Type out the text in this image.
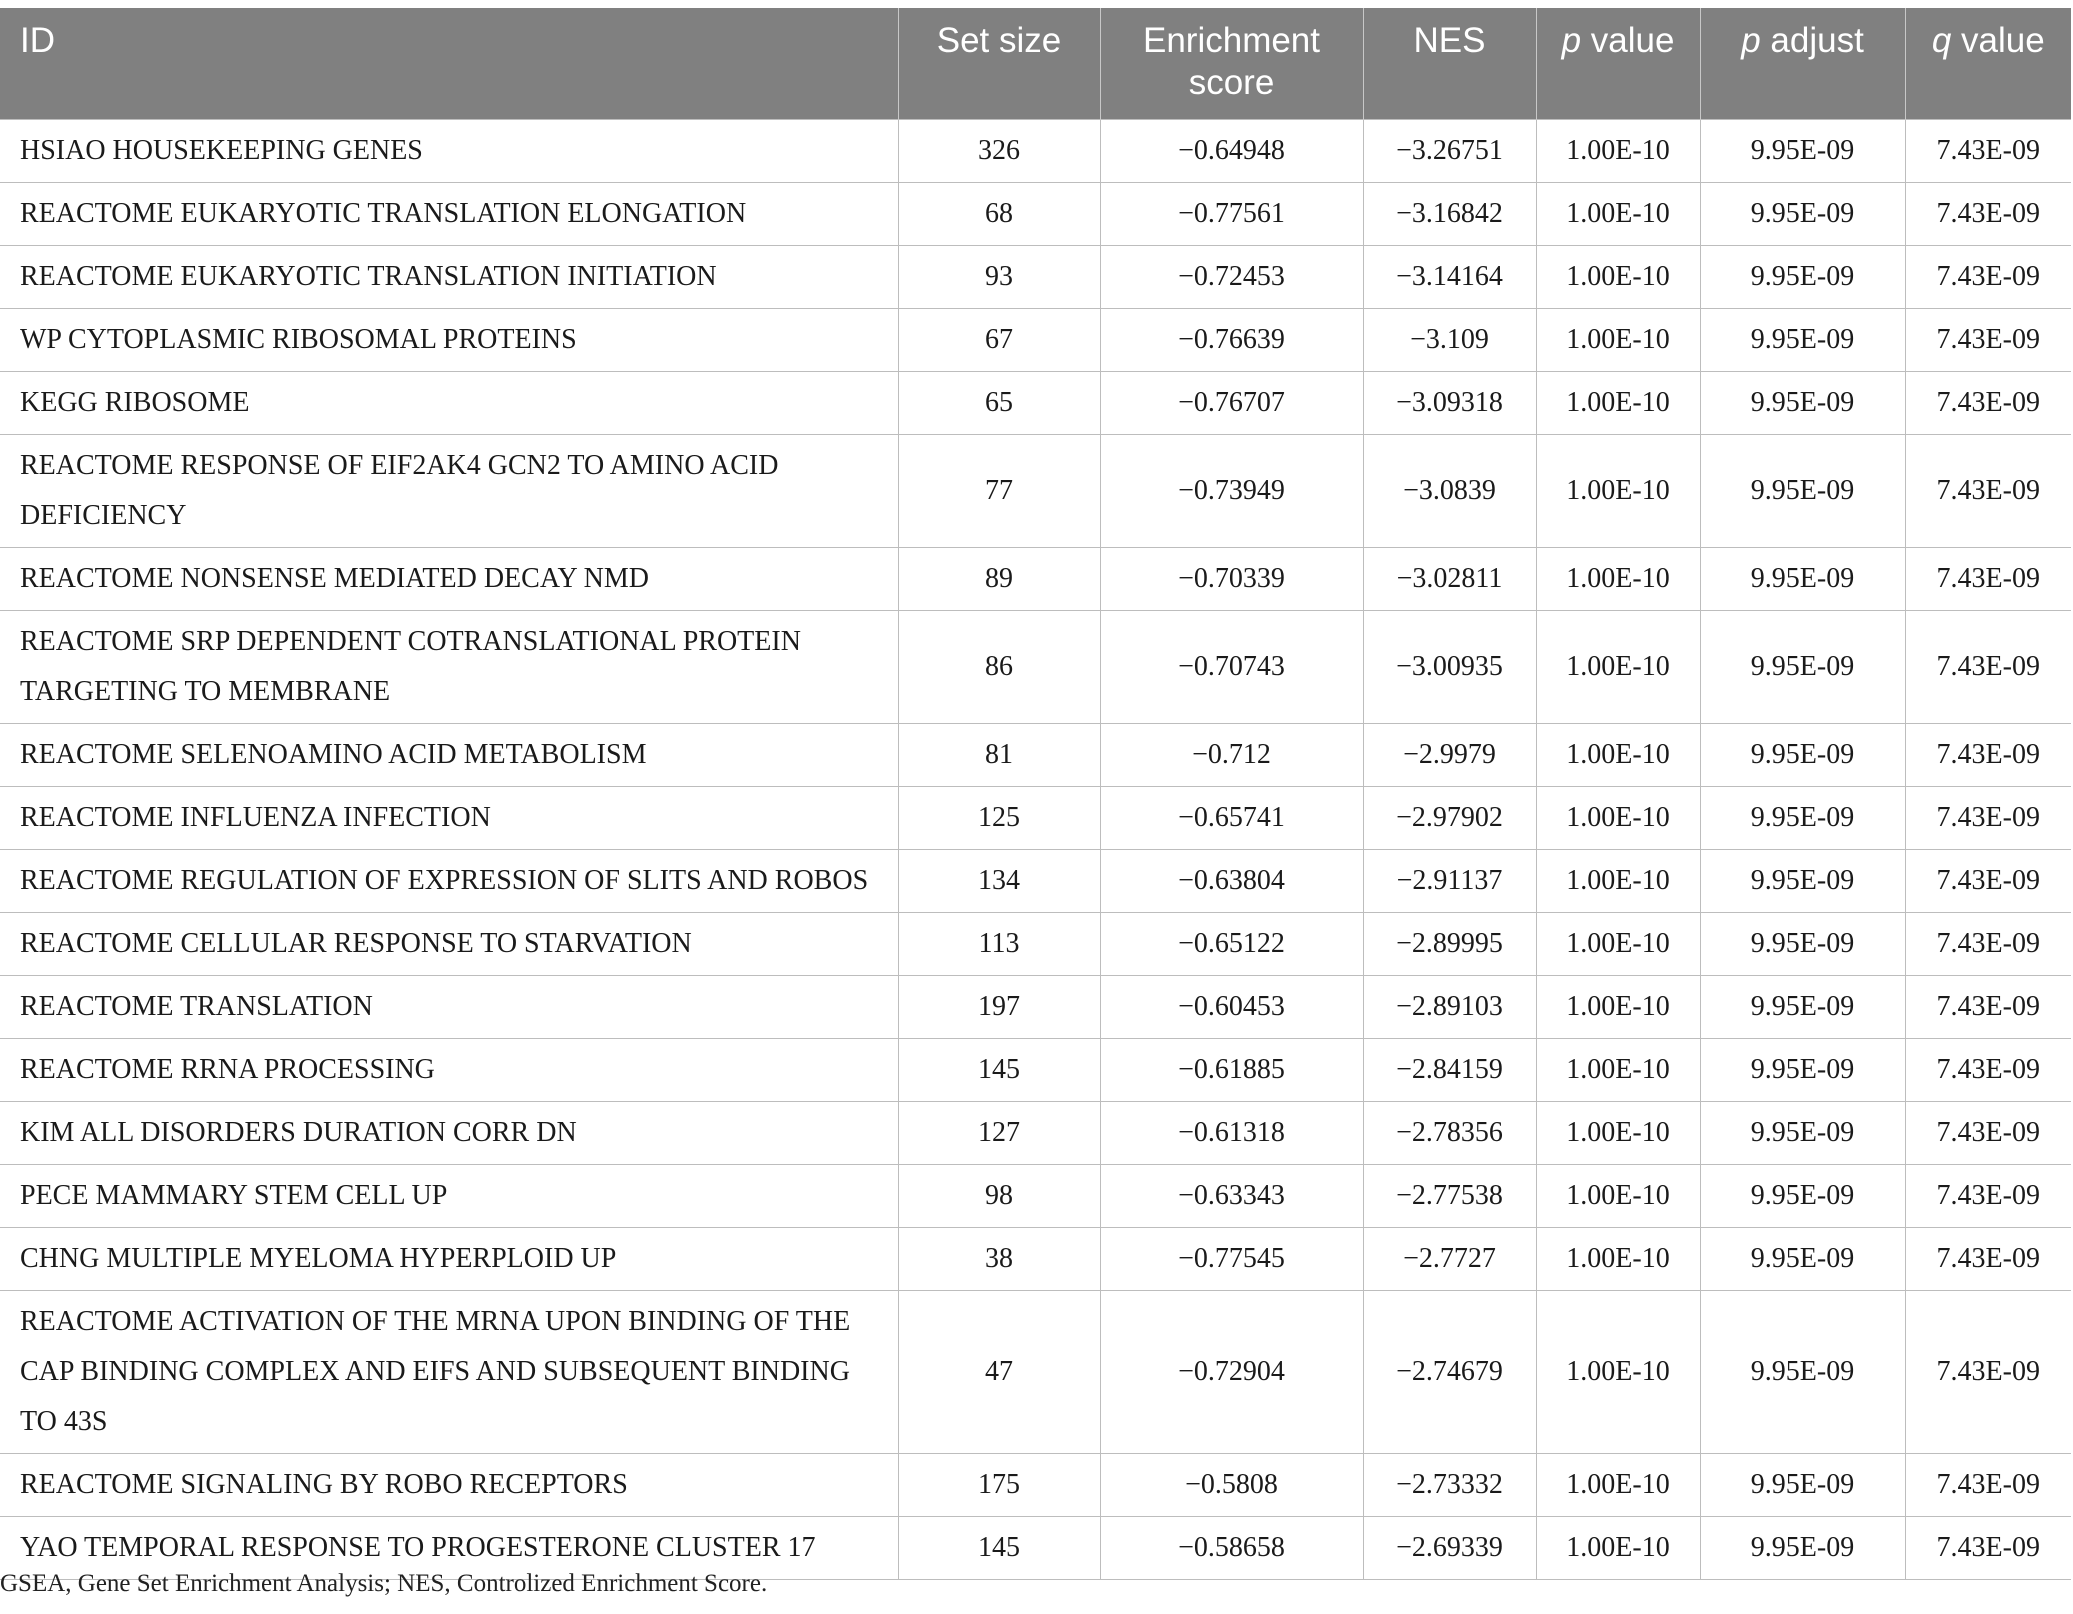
ID	Set size	Enrichment score	NES	p value	p adjust	q value
HSIAO HOUSEKEEPING GENES	326	−0.64948	−3.26751	1.00E-10	9.95E-09	7.43E-09
REACTOME EUKARYOTIC TRANSLATION ELONGATION	68	−0.77561	−3.16842	1.00E-10	9.95E-09	7.43E-09
REACTOME EUKARYOTIC TRANSLATION INITIATION	93	−0.72453	−3.14164	1.00E-10	9.95E-09	7.43E-09
WP CYTOPLASMIC RIBOSOMAL PROTEINS	67	−0.76639	−3.109	1.00E-10	9.95E-09	7.43E-09
KEGG RIBOSOME	65	−0.76707	−3.09318	1.00E-10	9.95E-09	7.43E-09
REACTOME RESPONSE OF EIF2AK4 GCN2 TO AMINO ACID DEFICIENCY	77	−0.73949	−3.0839	1.00E-10	9.95E-09	7.43E-09
REACTOME NONSENSE MEDIATED DECAY NMD	89	−0.70339	−3.02811	1.00E-10	9.95E-09	7.43E-09
REACTOME SRP DEPENDENT COTRANSLATIONAL PROTEIN TARGETING TO MEMBRANE	86	−0.70743	−3.00935	1.00E-10	9.95E-09	7.43E-09
REACTOME SELENOAMINO ACID METABOLISM	81	−0.712	−2.9979	1.00E-10	9.95E-09	7.43E-09
REACTOME INFLUENZA INFECTION	125	−0.65741	−2.97902	1.00E-10	9.95E-09	7.43E-09
REACTOME REGULATION OF EXPRESSION OF SLITS AND ROBOS	134	−0.63804	−2.91137	1.00E-10	9.95E-09	7.43E-09
REACTOME CELLULAR RESPONSE TO STARVATION	113	−0.65122	−2.89995	1.00E-10	9.95E-09	7.43E-09
REACTOME TRANSLATION	197	−0.60453	−2.89103	1.00E-10	9.95E-09	7.43E-09
REACTOME RRNA PROCESSING	145	−0.61885	−2.84159	1.00E-10	9.95E-09	7.43E-09
KIM ALL DISORDERS DURATION CORR DN	127	−0.61318	−2.78356	1.00E-10	9.95E-09	7.43E-09
PECE MAMMARY STEM CELL UP	98	−0.63343	−2.77538	1.00E-10	9.95E-09	7.43E-09
CHNG MULTIPLE MYELOMA HYPERPLOID UP	38	−0.77545	−2.7727	1.00E-10	9.95E-09	7.43E-09
REACTOME ACTIVATION OF THE MRNA UPON BINDING OF THE CAP BINDING COMPLEX AND EIFS AND SUBSEQUENT BINDING TO 43S	47	−0.72904	−2.74679	1.00E-10	9.95E-09	7.43E-09
REACTOME SIGNALING BY ROBO RECEPTORS	175	−0.5808	−2.73332	1.00E-10	9.95E-09	7.43E-09
YAO TEMPORAL RESPONSE TO PROGESTERONE CLUSTER 17	145	−0.58658	−2.69339	1.00E-10	9.95E-09	7.43E-09
GSEA, Gene Set Enrichment Analysis; NES, Controlized Enrichment Score.
